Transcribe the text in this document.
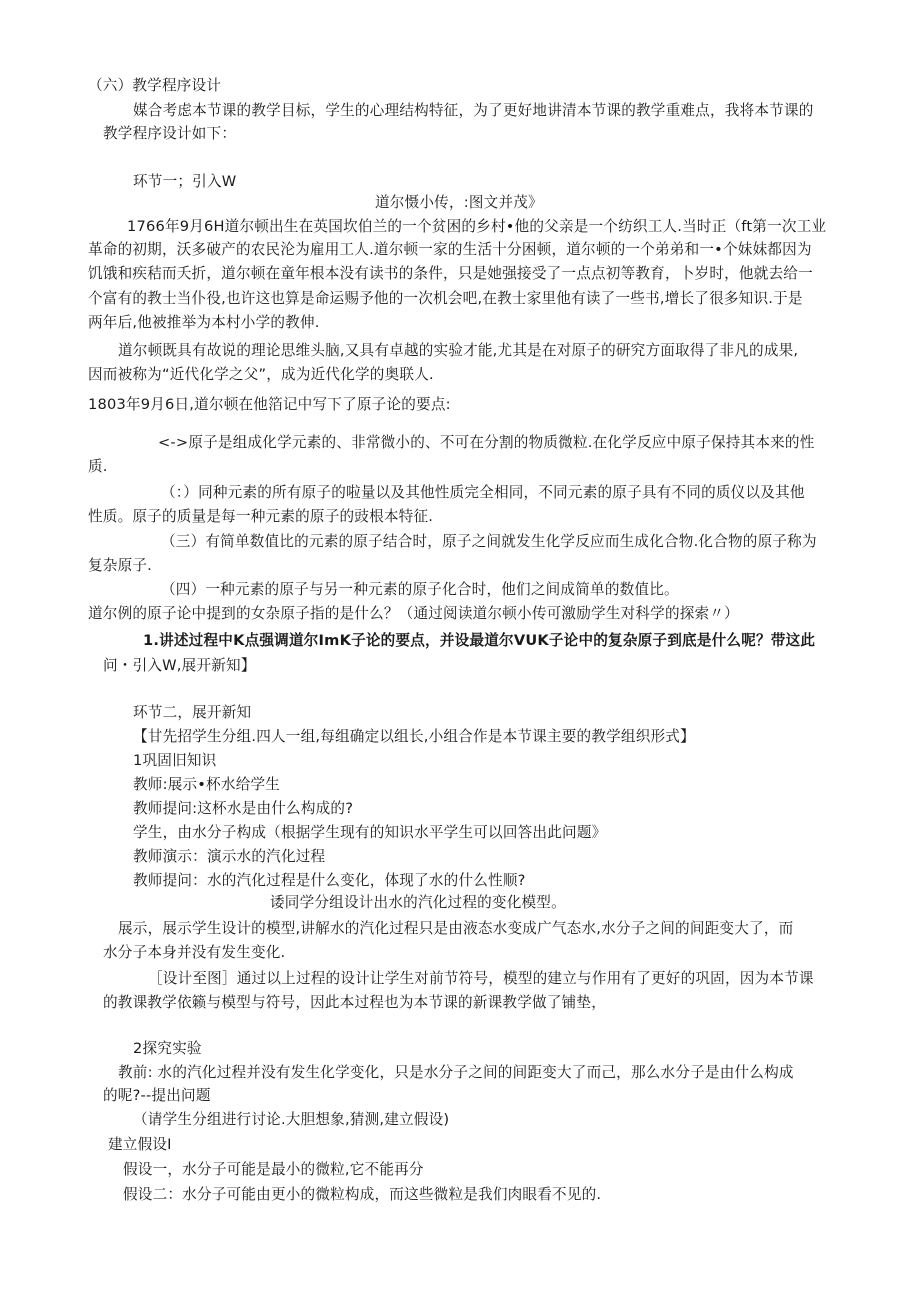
（六）教学程序设计

媒合考虑本节课的教学目标，学生的心理结构特征，为了更好地讲清本节课的教学重难点，我将本节课的

教学程序设计如下：

环节一；引入W

道尔慑小传，:图文并茂》

1766年9月6H道尔顿出生在英国坎伯兰的一个贫困的乡村•他的父亲是一个纺织工人.当时正（ft第一次工业

革命的初期，沃多破产的农民沦为雇用工人.道尔顿一家的生活十分困顿，道尔顿的一个弟弟和一•个妹妹都因为

饥饿和疾秸而夭折，道尔顿在童年根本没有读书的条件，只是她强接受了一点点初等教育，卜岁时，他就去给一

个富有的教士当仆役,也许这也算是命运赐予他的一次机会吧,在教士家里他有读了一些书,增长了很多知识.于是

两年后,他被推举为本村小学的教伸.

道尔顿既具有故说的理论思维头脑,又具有卓越的实验才能,尤其是在对原子的研究方面取得了非凡的成果,

因而被称为“近代化学之父”，成为近代化学的奥联人.

1803年9月6日,道尔顿在他箔记中写下了原子论的要点:

<->原子是组成化学元素的、非常微小的、不可在分割的物质微粒.在化学反应中原子保持其本来的性

质.

（：）同种元素的所有原子的啦量以及其他性质完全相同，不同元素的原子具有不同的质仪以及其他

性质。原子的质量是每一种元素的原子的豉根本特征.

（三）有简单数值比的元素的原子结合时，原子之间就发生化学反应而生成化合物.化合物的原子称为

复杂原子.

（四）一种元素的原子与另一种元素的原子化合时，他们之间成简单的数值比。

道尔例的原子论中提到的女杂原子指的是什么？（通过阅读道尔顿小传可激励学生对科学的探索〃）

1.讲述过程中K点强调道尔ImK子论的要点，并设最道尔VUK子论中的复杂原子到底是什么呢？带这此

问・引入W,展开新知】

环节二，展开新知

【甘先招学生分组.四人一组,每组确定以组长,小组合作是本节课主要的教学组织形式】

1巩固旧知识

教师:展示•杯水给学生

教师提问:这杯水是由什么构成的?

学生，由水分子构成（根据学生现有的知识水平学生可以回答出此问题》

教师演示：演示水的汽化过程

教师提问：水的汽化过程是什么变化，体现了水的什么性顺?

诿同学分组设计出水的汽化过程的变化模型。

展示，展示学生设计的模型,讲解水的汽化过程只是由液态水变成广气态水,水分子之间的间距变大了，而

水分子本身并没有发生变化.

［设计至图］通过以上过程的设计让学生对前节符号，模型的建立与作用有了更好的巩固，因为本节课

的教课教学依籁与模型与符号，因此本过程也为本节课的新课教学做了铺垫，

2探究实验

教前: 水的汽化过程并没有发生化学变化，只是水分子之间的间距变大了而己，那么水分子是由什么构成

的呢?--提出问题

（请学生分组进行讨论.大胆想象,猜测,建立假设)

建立假设I

假设一，水分子可能是最小的微粒,它不能再分

假设二：水分子可能由更小的微粒构成，而这些微粒是我们肉眼看不见的.
